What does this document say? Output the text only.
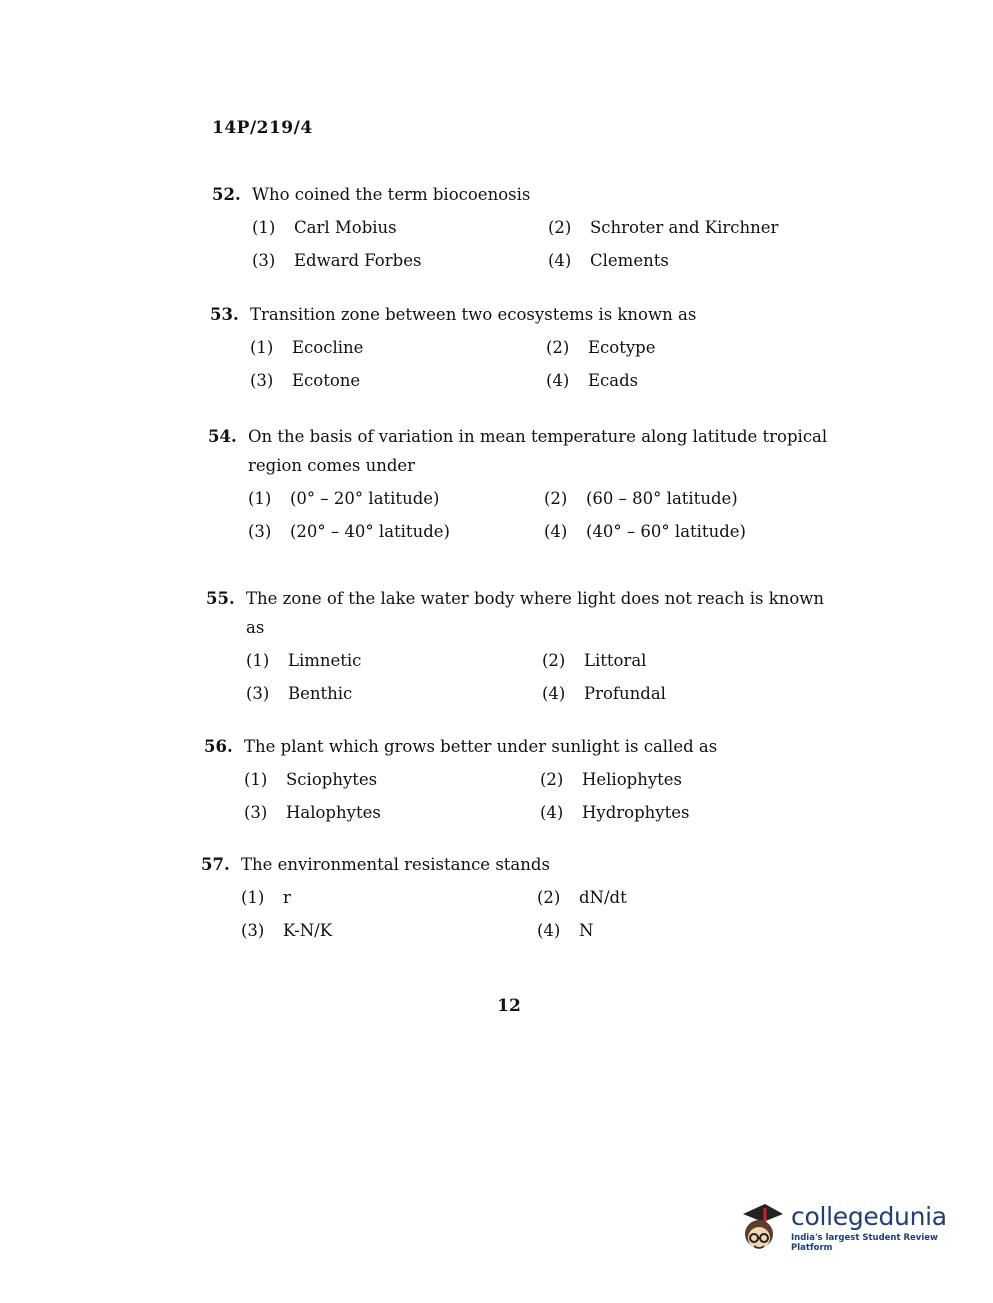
14P/219/4
52. Who coined the term biocoenosis
(1)	Carl Mobius	(2)	Schroter and Kirchner
(3)	Edward Forbes	(4)	Clements
53. Transition zone between two ecosystems is known as
(1)	Ecocline	(2)	Ecotype
(3)	Ecotone	(4)	Ecads
54. On the basis of variation in mean temperature along latitude tropical region comes under
(1)	(0° – 20° latitude)	(2)	(60 – 80° latitude)
(3)	(20° – 40° latitude)	(4)	(40° – 60° latitude)
55. The zone of the lake water body where light does not reach is known as
(1)	Limnetic	(2)	Littoral
(3)	Benthic	(4)	Profundal
56. The plant which grows better under sunlight is called as
(1)	Sciophytes	(2)	Heliophytes
(3)	Halophytes	(4)	Hydrophytes
57. The environmental resistance stands
(1)	r	(2)	dN/dt
(3)	K-N/K	(4)	N
12
collegedunia
India's largest Student Review Platform
